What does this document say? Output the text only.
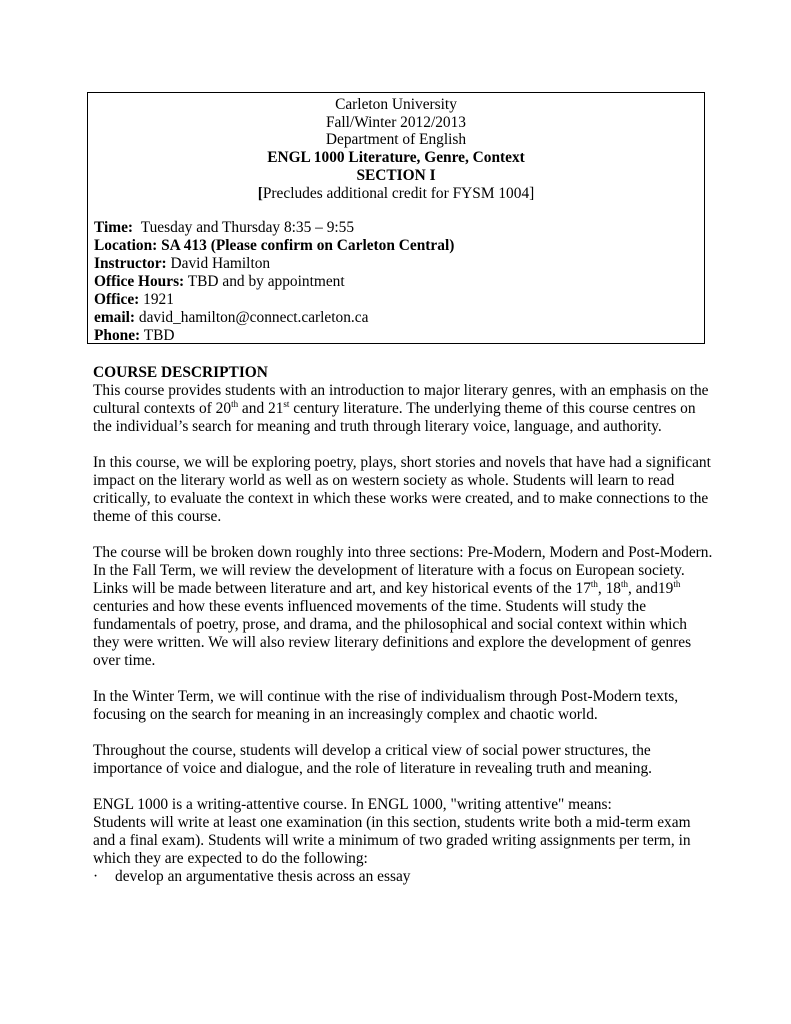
Carleton University
Fall/Winter 2012/2013
Department of English
ENGL 1000 Literature, Genre, Context
SECTION I
[Precludes additional credit for FYSM 1004]
Time: Tuesday and Thursday 8:35 – 9:55
Location: SA 413 (Please confirm on Carleton Central)
Instructor: David Hamilton
Office Hours: TBD and by appointment
Office: 1921
email: david_hamilton@connect.carleton.ca
Phone: TBD
COURSE DESCRIPTION

This course provides students with an introduction to major literary genres, with an emphasis on the cultural contexts of 20th and 21st century literature. The underlying theme of this course centres on the individual’s search for meaning and truth through literary voice, language, and authority.

In this course, we will be exploring poetry, plays, short stories and novels that have had a significant impact on the literary world as well as on western society as whole. Students will learn to read critically, to evaluate the context in which these works were created, and to make connections to the theme of this course.

The course will be broken down roughly into three sections: Pre-Modern, Modern and Post-Modern. In the Fall Term, we will review the development of literature with a focus on European society. Links will be made between literature and art, and key historical events of the 17th, 18th, and19th centuries and how these events influenced movements of the time. Students will study the fundamentals of poetry, prose, and drama, and the philosophical and social context within which they were written. We will also review literary definitions and explore the development of genres over time.

In the Winter Term, we will continue with the rise of individualism through Post-Modern texts, focusing on the search for meaning in an increasingly complex and chaotic world.

Throughout the course, students will develop a critical view of social power structures, the importance of voice and dialogue, and the role of literature in revealing truth and meaning.

ENGL 1000 is a writing-attentive course. In ENGL 1000, "writing attentive" means:

Students will write at least one examination (in this section, students write both a mid-term exam and a final exam). Students will write a minimum of two graded writing assignments per term, in which they are expected to do the following:

· develop an argumentative thesis across an essay
